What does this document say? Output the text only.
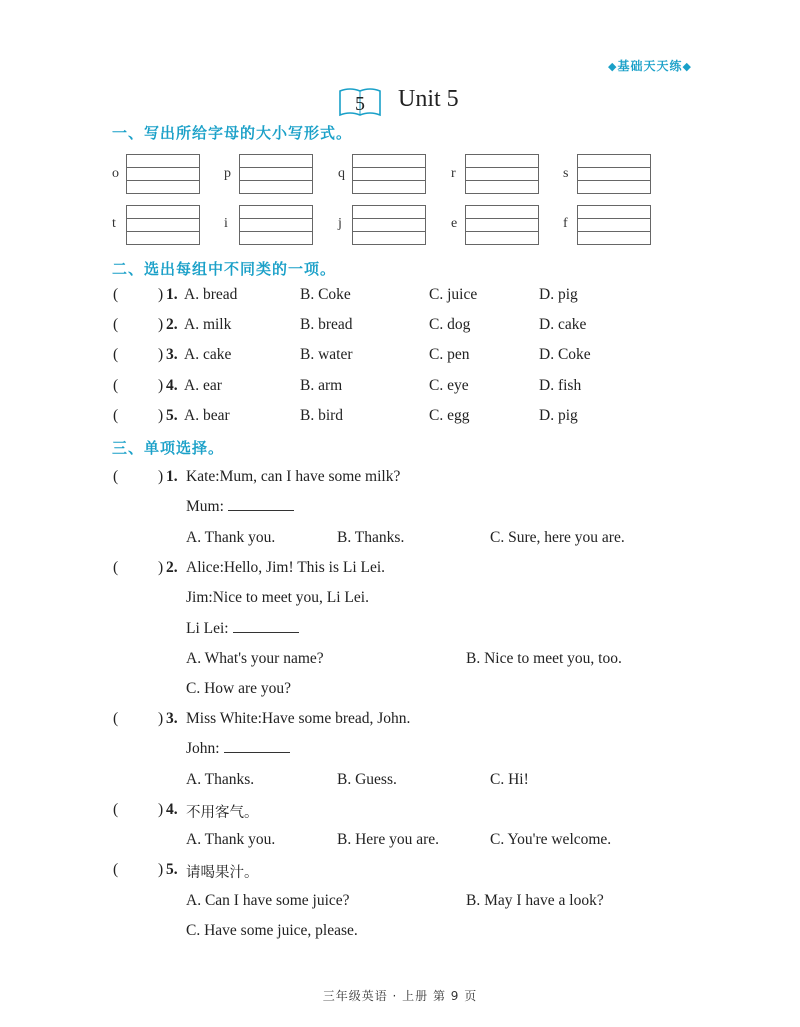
◆基础天天练◆
5 Unit 5
一、写出所给字母的大小写形式。
o	p	q	r	s
t	i	j	e	f
二、选出每组中不同类的一项。
(	) 1. A. bread	B. Coke	C. juice	D. pig
(	) 2. A. milk	B. bread	C. dog	D. cake
(	) 3. A. cake	B. water	C. pen	D. Coke
(	) 4. A. ear	B. arm	C. eye	D. fish
(	) 5. A. bear	B. bird	C. egg	D. pig
三、单项选择。
(	) 1. Kate:Mum, can I have some milk?
Mum:
A. Thank you.	B. Thanks.	C. Sure, here you are.
(	) 2. Alice:Hello, Jim! This is Li Lei.
Jim:Nice to meet you, Li Lei.
Li Lei:
A. What's your name?	B. Nice to meet you, too.
C. How are you?
(	) 3. Miss White:Have some bread, John.
John:
A. Thanks.	B. Guess.	C. Hi!
(	) 4. 不用客气。
A. Thank you.	B. Here you are.	C. You're welcome.
(	) 5. 请喝果汁。
A. Can I have some juice?	B. May I have a look?
C. Have some juice, please.
三年级英语 · 上册 第 9 页
